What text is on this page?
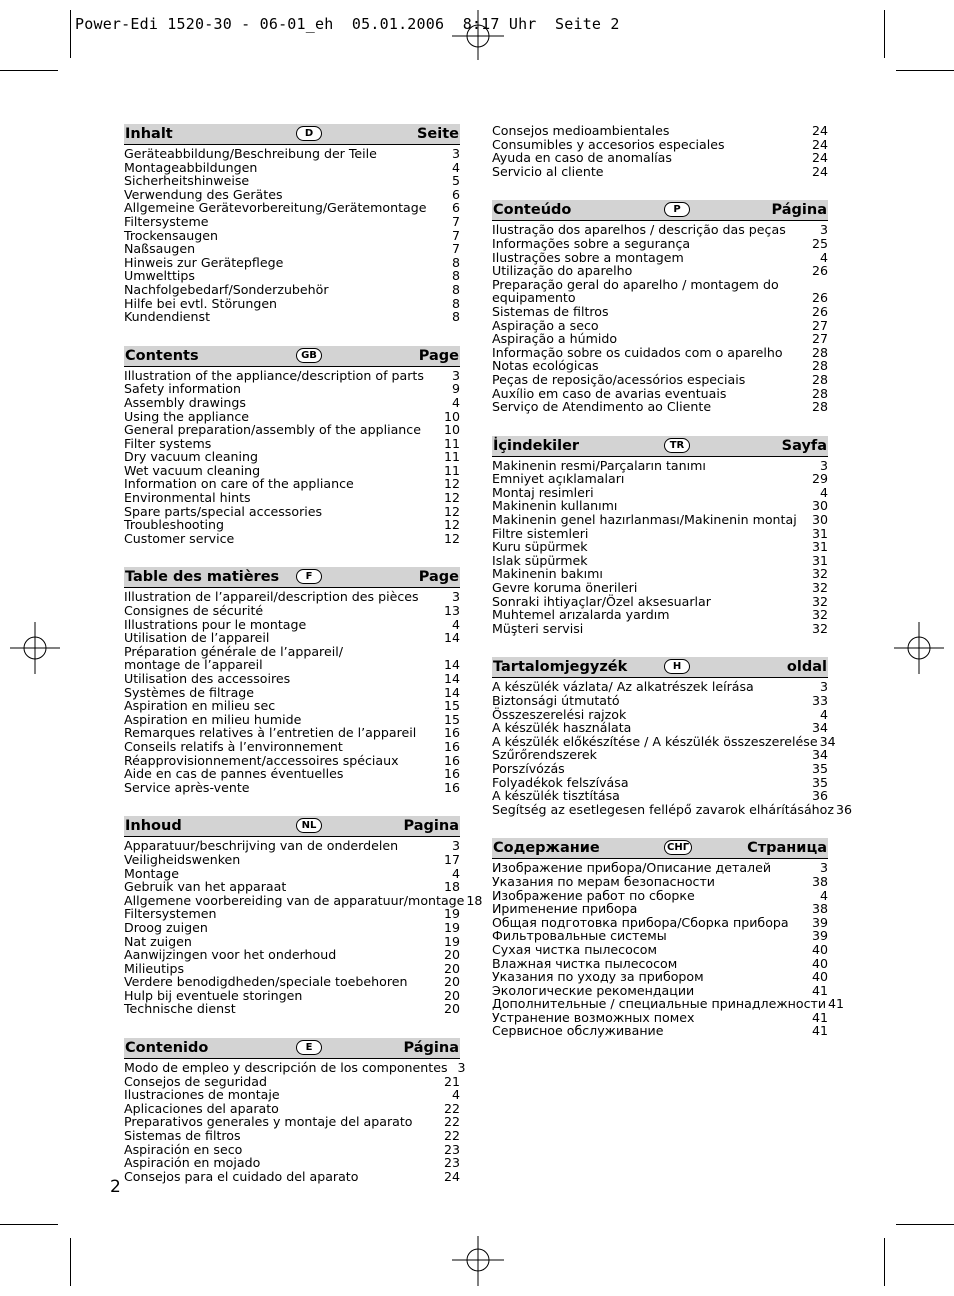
Power-Edi 1520-30 - 06-01_eh  05.01.2006  8:17 Uhr  Seite 2
Inhalt	D	Seite
Geräteabbildung/Beschreibung der Teile	3
Montageabbildungen	4
Sicherheitshinweise	5
Verwendung des Gerätes	6
Allgemeine Gerätevorbereitung/Gerätemontage	6
Filtersysteme	7
Trockensaugen	7
Naßsaugen	7
Hinweis zur Gerätepflege	8
Umwelttips	8
Nachfolgebedarf/Sonderzubehör	8
Hilfe bei evtl. Störungen	8
Kundendienst	8
Contents	GB	Page
Illustration of the appliance/description of parts	3
Safety information	9
Assembly drawings	4
Using the appliance	10
General preparation/assembly of the appliance 10
Filter systems	11
Dry vacuum cleaning	11
Wet vacuum cleaning	11
Information on care of the appliance	12
Environmental hints	12
Spare parts/special accessories	12
Troubleshooting	12
Customer service	12
Table des matières	F	Page
Illustration de l’appareil/description des pièces	3
Consignes de sécurité	13
Illustrations pour le montage	4
Utilisation de l’appareil	14
Préparation générale de l’appareil/
montage de l’appareil	14
Utilisation des accessoires	14
Systèmes de filtrage	14
Aspiration en milieu sec	15
Aspiration en milieu humide	15
Remarques relatives à l’entretien de l’appareil 16
Conseils relatifs à l’environnement	16
Réapprovisionnement/accessoires spéciaux	16
Aide en cas de pannes éventuelles	16
Service après-vente	16
Inhoud	NL	Pagina
Apparatuur/beschrijving van de onderdelen	3
Veiligheidswenken	17
Montage	4
Gebruik van het apparaat	18
Allgemene voorbereiding van de apparatuur/montage 18
Filtersystemen	19
Droog zuigen	19
Nat zuigen	19
Aanwijzingen voor het onderhoud	20
Milieutips	20
Verdere benodigdheden/speciale toebehoren	20
Hulp bij eventuele storingen	20
Technische dienst	20
Contenido	E	Página
Modo de empleo y descripción de los componentes 3
Consejos de seguridad	21
Ilustraciones de montaje	4
Aplicaciones del aparato	22
Preparativos generales y montaje del aparato 22
Sistemas de filtros	22
Aspiración en seco	23
Aspiración en mojado	23
Consejos para el cuidado del aparato	24
Consejos medioambientales	24
Consumibles y accesorios especiales	24
Ayuda en caso de anomalías	24
Servicio al cliente	24
Conteúdo	P	Página
Ilustração dos aparelhos / descrição das peças	3
Informações sobre a segurança	25
Ilustrações sobre a montagem	4
Utilização do aparelho	26
Preparação geral do aparelho / montagem do
equipamento	26
Sistemas de filtros	26
Aspiração a seco	27
Aspiração a húmido	27
Informação sobre os cuidados com o aparelho 28
Notas ecológicas	28
Peças de reposição/acessórios especiais	28
Auxílio em caso de avarias eventuais	28
Serviço de Atendimento ao Cliente	28
İçindekiler	TR	Sayfa
Makinenin resmi/Parçaların tanımı	3
Emniyet açıklamaları	29
Montaj resimleri	4
Makinenin kullanımı	30
Makinenin genel hazırlanması/Makinenin montaj 30
Filtre sistemleri	31
Kuru süpürmek	31
Islak süpürmek	31
Makinenin bakımı	32
Gevre koruma önerileri	32
Sonraki ihtiyaçlar/Özel aksesuarlar	32
Muhtemel arızalarda yardım	32
Müşteri servisi	32
Tartalomjegyzék	H	oldal
A készülék vázlata/ Az alkatrészek leírása	3
Biztonsági útmutató	33
Összeszerelési rajzok	4
A készülék használata	34
A készülék előkészítése / A készülék összeszerelése 34
Szűrőrendszerek	34
Porszívózás	35
Folyadékok felszívása	35
A készülék tisztítása	36
Segítség az esetlegesen fellépő zavarok elhárításához 36
Содержание	СНГ	Страница
Изображение прибора/Описание деталей	3
Указания по мерам безопасности	38
Изображение работ по сборке	4
Ириmeнение прибора	38
Общая подготовка прибора/Сборка прибора 39
Фильтровальные системы	39
Сухая чистка пылесосом	40
Влажная чистка пылесосом	40
Указания по уходу за прибором	40
Экологические рекомендации	41
Дополнительные / специальные принадлежности 41
Устранение возможных помех	41
Сервисное обслуживание	41
2
